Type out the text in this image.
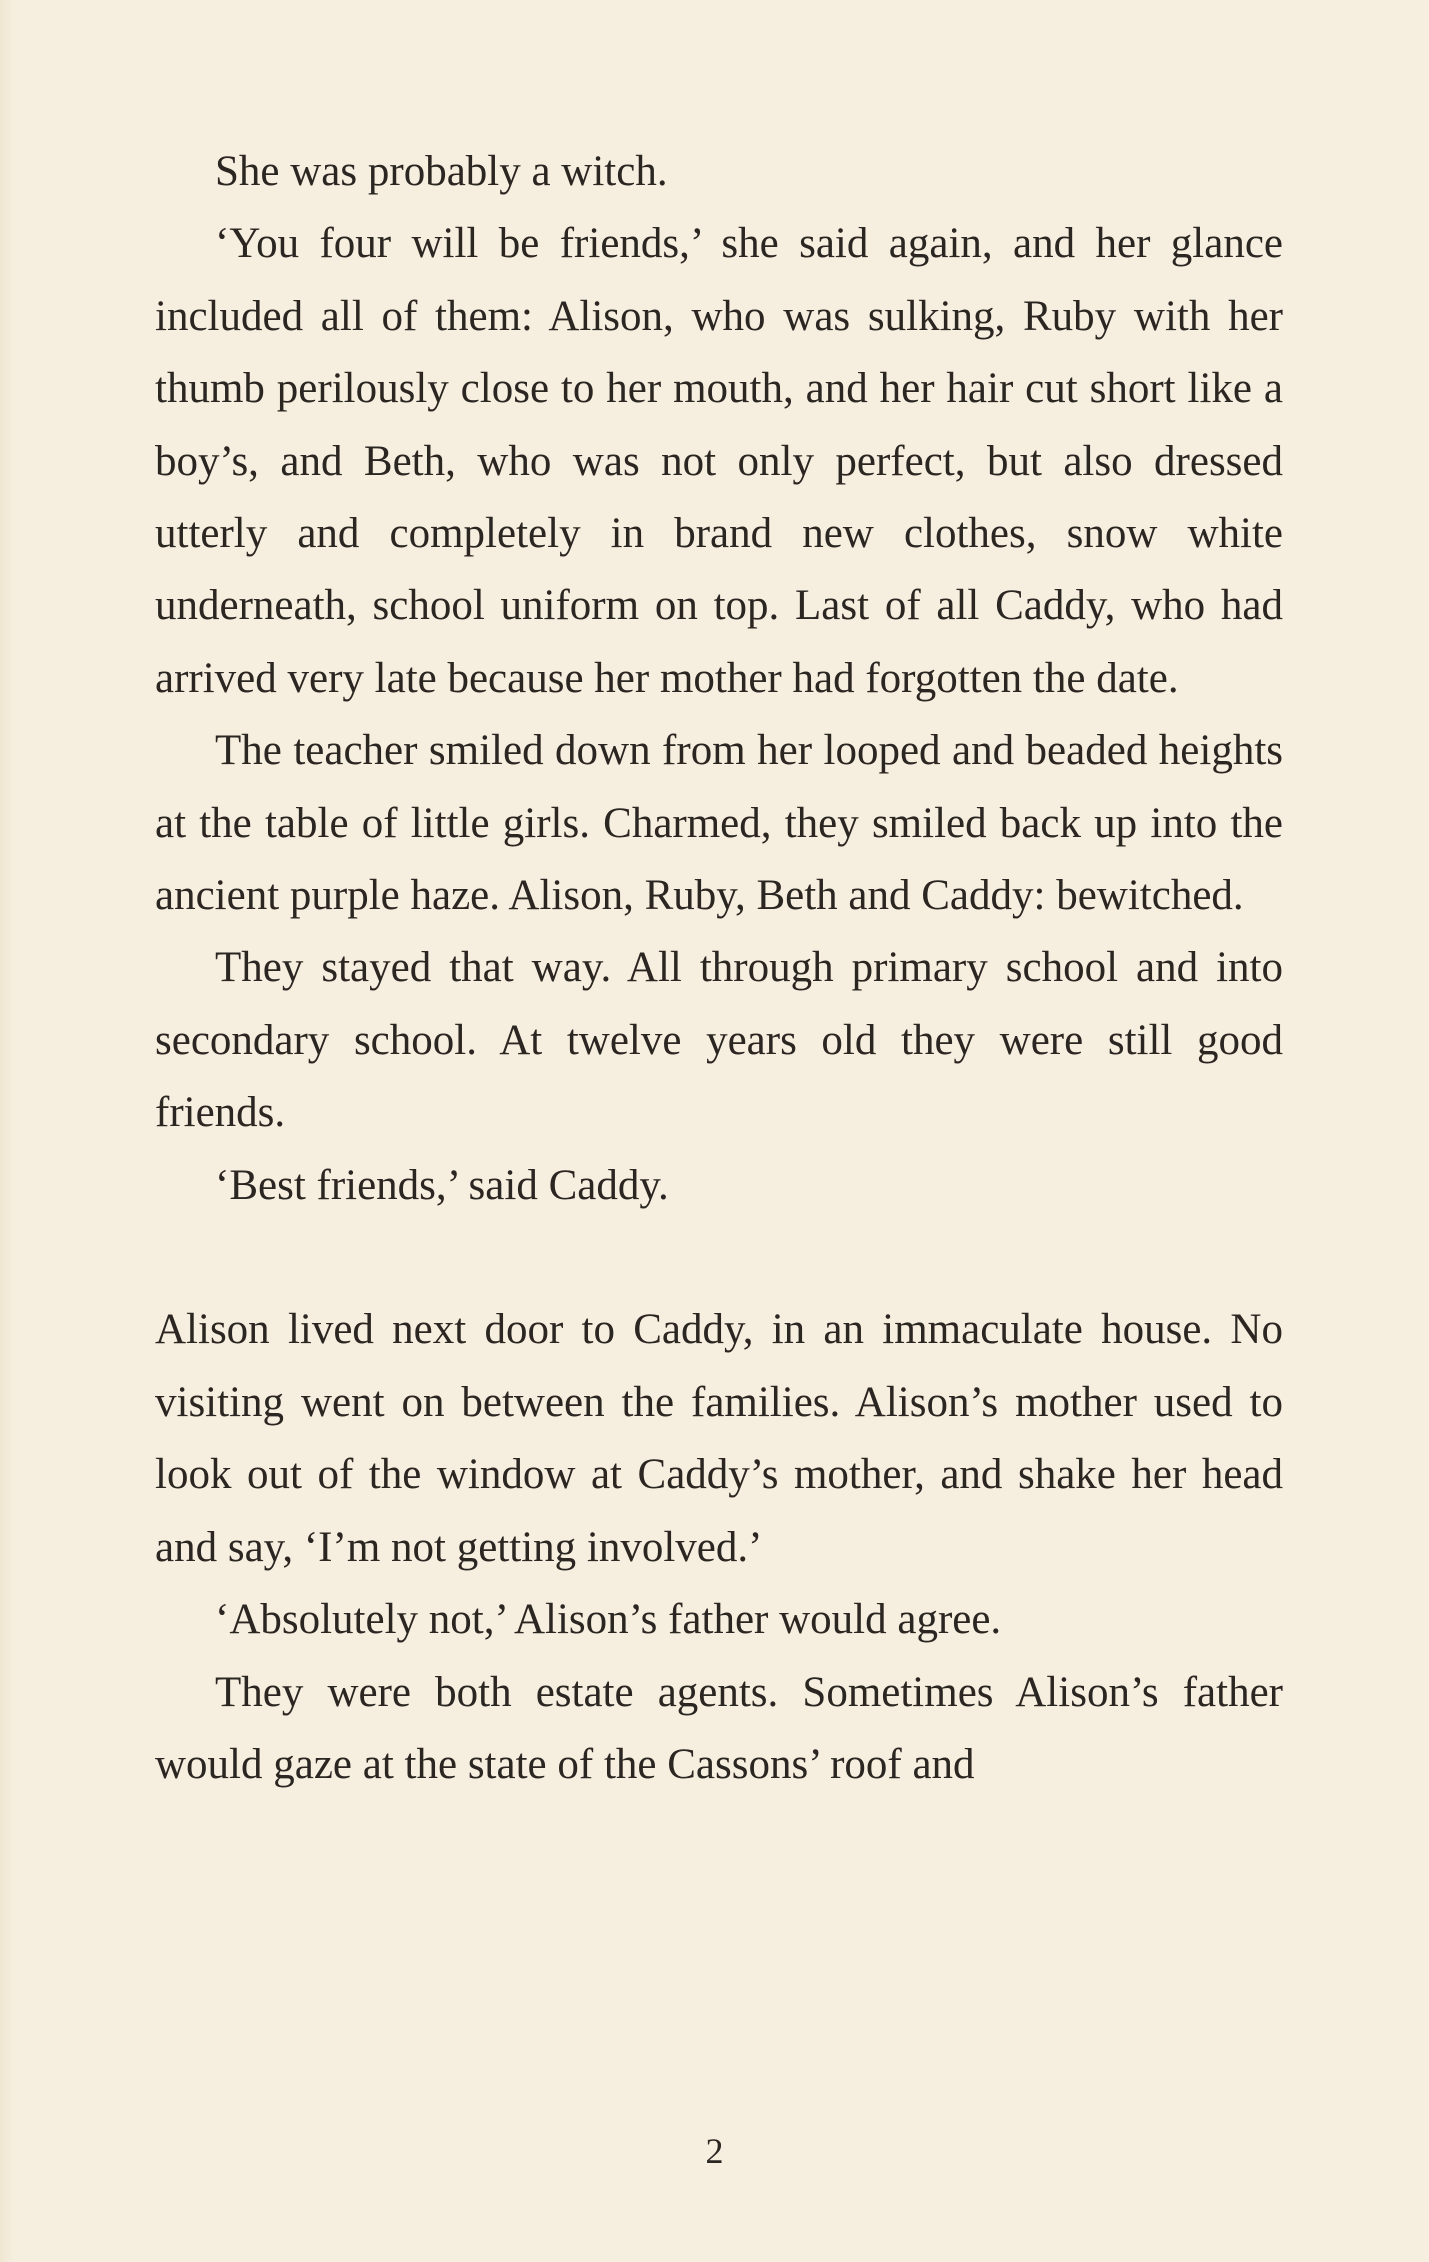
She was probably a witch.

‘You four will be friends,’ she said again, and her glance included all of them: Alison, who was sulking, Ruby with her thumb perilously close to her mouth, and her hair cut short like a boy’s, and Beth, who was not only perfect, but also dressed utterly and completely in brand new clothes, snow white underneath, school uniform on top. Last of all Caddy, who had arrived very late because her mother had forgotten the date.

The teacher smiled down from her looped and beaded heights at the table of little girls. Charmed, they smiled back up into the ancient purple haze. Alison, Ruby, Beth and Caddy: bewitched.

They stayed that way. All through primary school and into secondary school. At twelve years old they were still good friends.

‘Best friends,’ said Caddy.

Alison lived next door to Caddy, in an immaculate house. No visiting went on between the families. Alison’s mother used to look out of the window at Caddy’s mother, and shake her head and say, ‘I’m not getting involved.’

‘Absolutely not,’ Alison’s father would agree.

They were both estate agents. Sometimes Alison’s father would gaze at the state of the Cassons’ roof and

2
